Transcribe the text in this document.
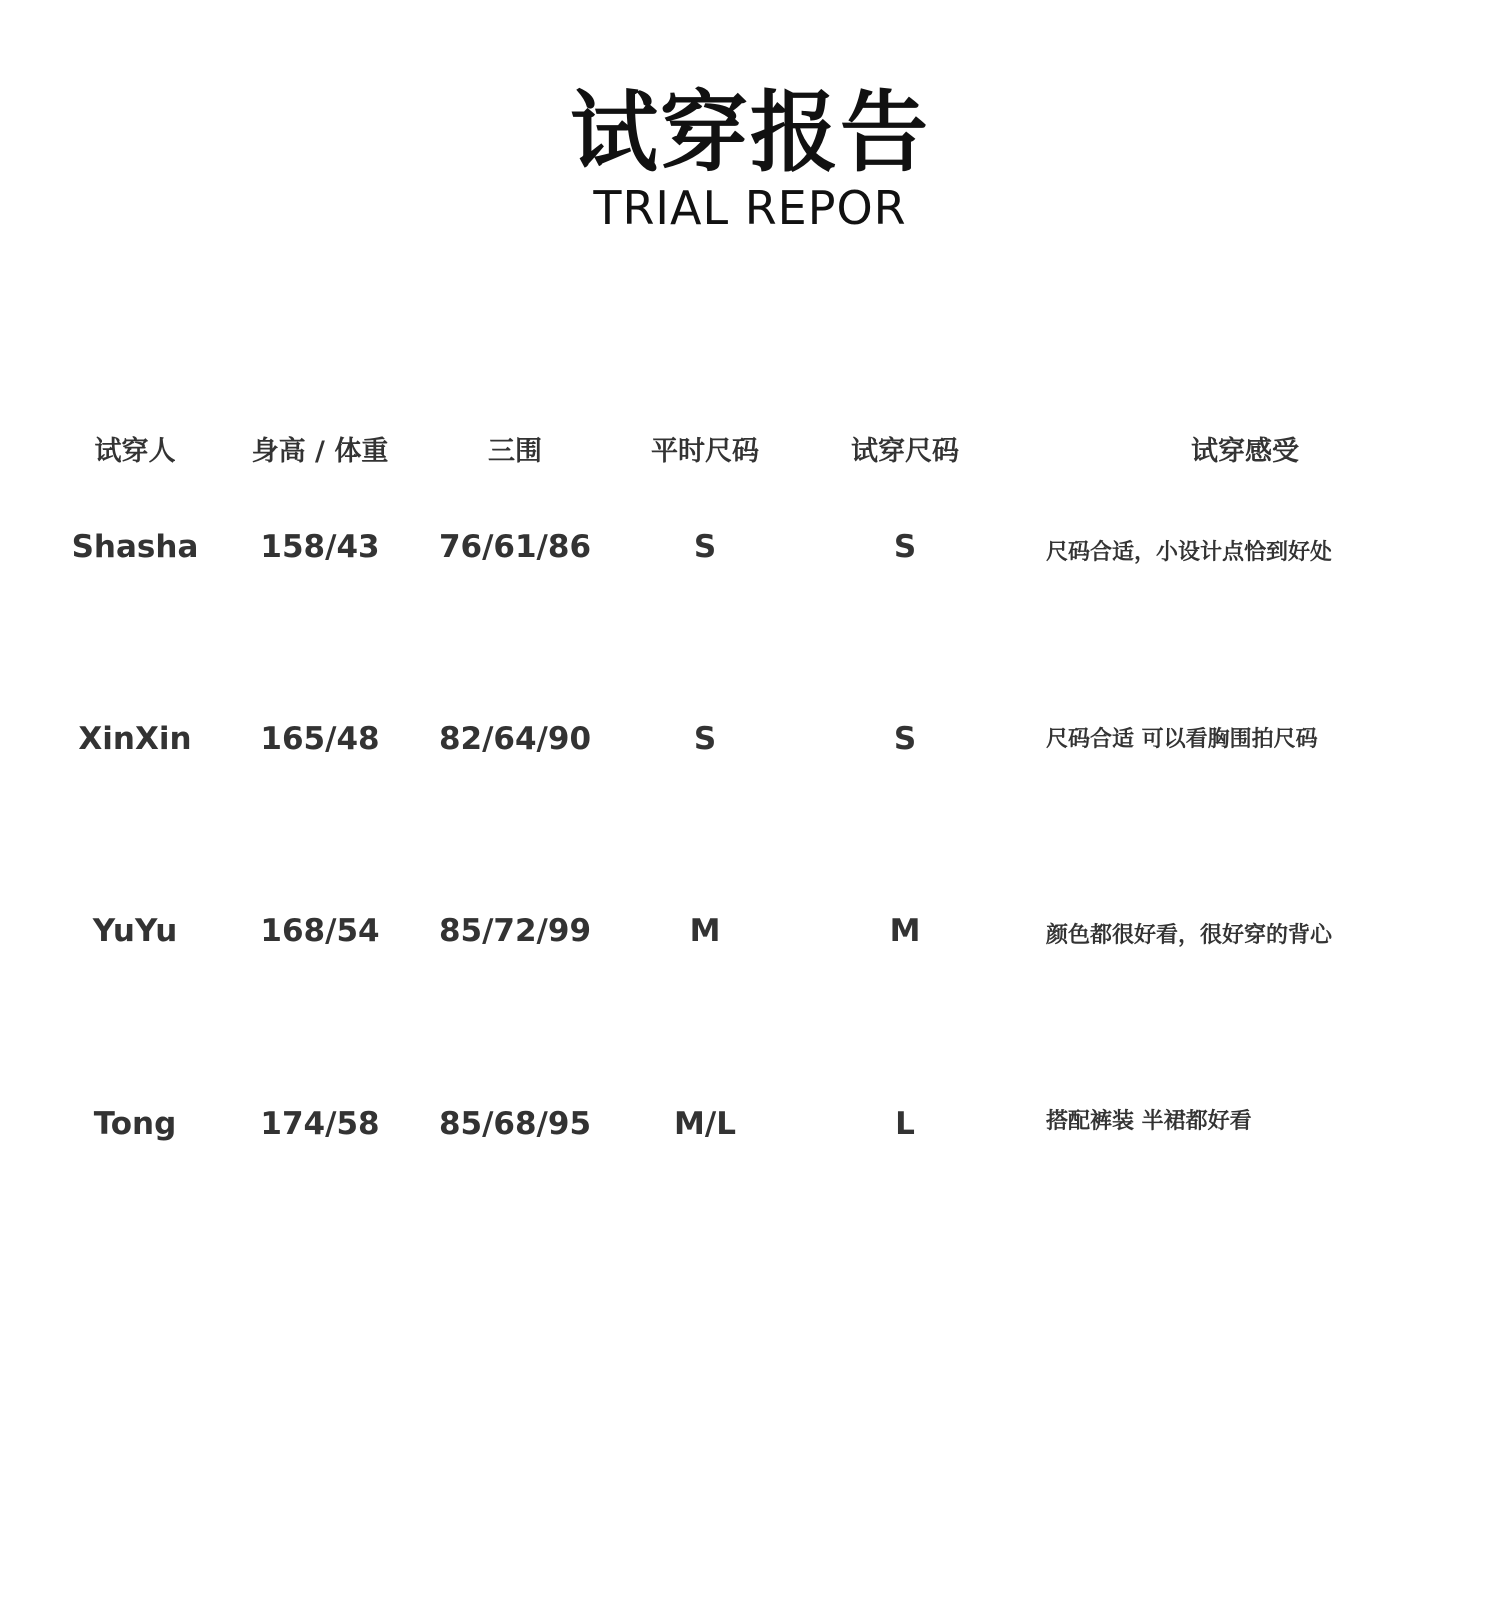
试穿报告
TRIAL REPOR
试穿人	身高 / 体重	三围	平时尺码	试穿尺码	试穿感受
Shasha	158/43	76/61/86	S	S	尺码合适，小设计点恰到好处
XinXin	165/48	82/64/90	S	S	尺码合适 可以看胸围拍尺码
YuYu	168/54	85/72/99	M	M	颜色都很好看，很好穿的背心
Tong	174/58	85/68/95	M/L	L	搭配裤装 半裙都好看
